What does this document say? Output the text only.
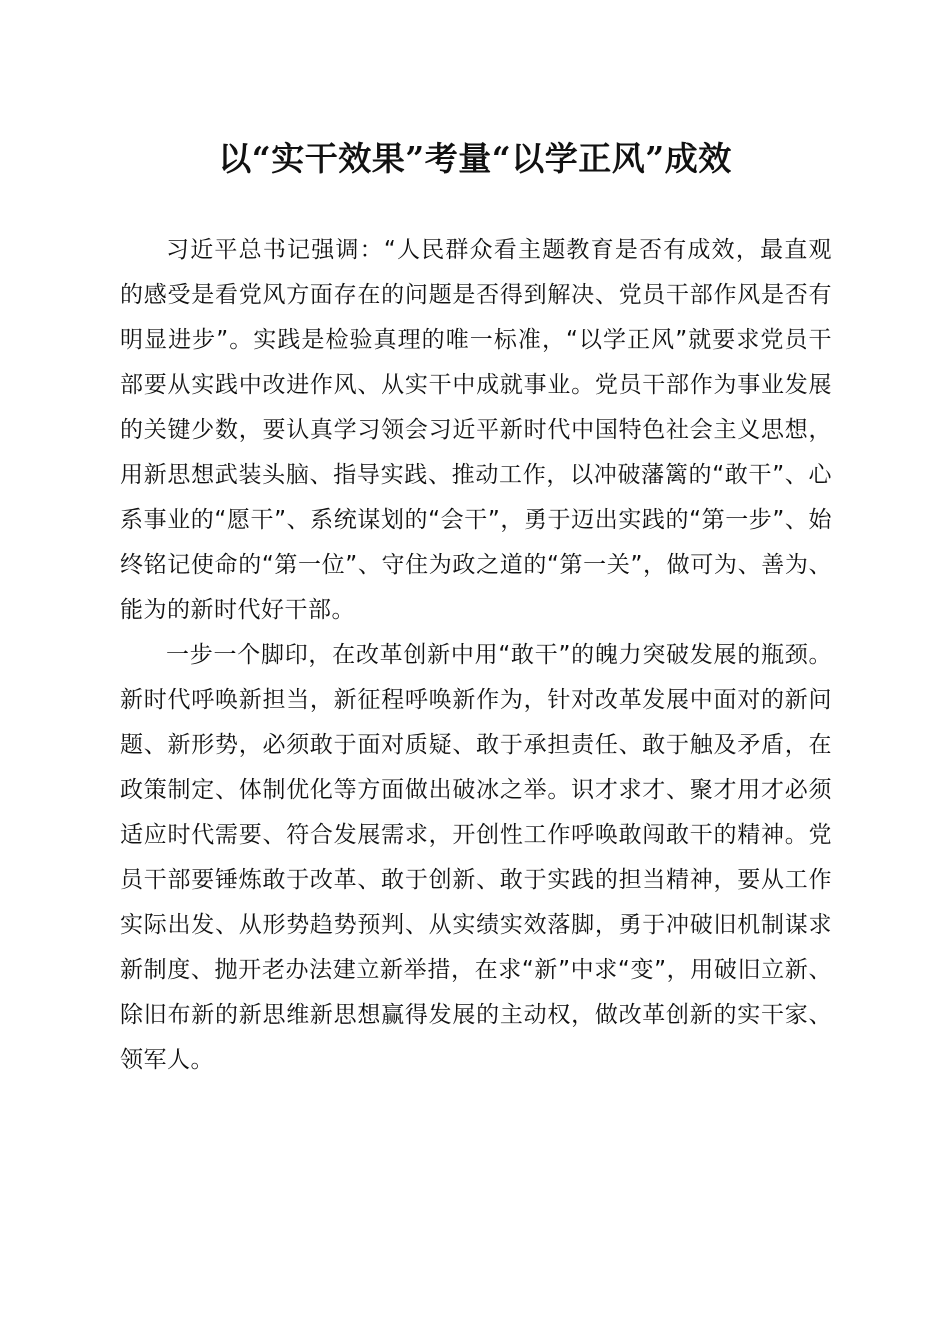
以“实干效果”考量“以学正风”成效

习近平总书记强调：“人民群众看主题教育是否有成效，最直观的感受是看党风方面存在的问题是否得到解决、党员干部作风是否有明显进步”。实践是检验真理的唯一标准，“以学正风”就要求党员干部要从实践中改进作风、从实干中成就事业。党员干部作为事业发展的关键少数，要认真学习领会习近平新时代中国特色社会主义思想，用新思想武装头脑、指导实践、推动工作，以冲破藩篱的“敢干”、心系事业的“愿干”、系统谋划的“会干”，勇于迈出实践的“第一步”、始终铭记使命的“第一位”、守住为政之道的“第一关”，做可为、善为、能为的新时代好干部。

一步一个脚印，在改革创新中用“敢干”的魄力突破发展的瓶颈。新时代呼唤新担当，新征程呼唤新作为，针对改革发展中面对的新问题、新形势，必须敢于面对质疑、敢于承担责任、敢于触及矛盾，在政策制定、体制优化等方面做出破冰之举。识才求才、聚才用才必须适应时代需要、符合发展需求，开创性工作呼唤敢闯敢干的精神。党员干部要锤炼敢于改革、敢于创新、敢于实践的担当精神，要从工作实际出发、从形势趋势预判、从实绩实效落脚，勇于冲破旧机制谋求新制度、抛开老办法建立新举措，在求“新”中求“变”，用破旧立新、除旧布新的新思维新思想赢得发展的主动权，做改革创新的实干家、领军人。
